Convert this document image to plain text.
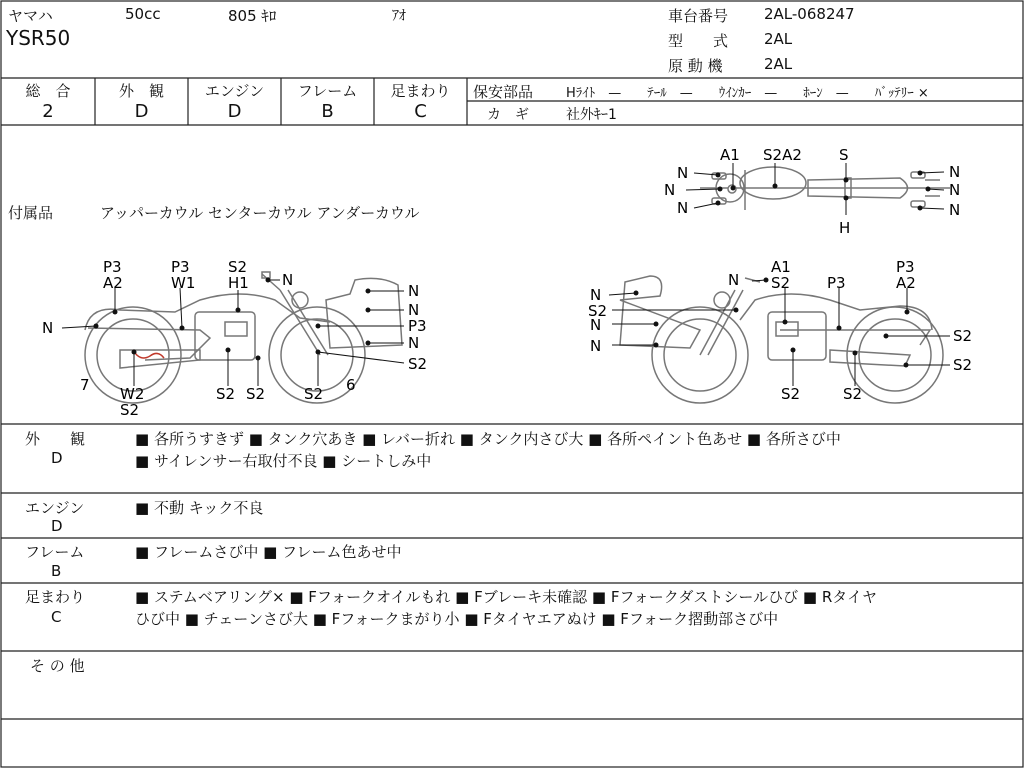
ヤマハ	50cc	805 ｷﾛ	ｱｵ
YSR50
車台番号 2AL-068247
型　　式 2AL
原 動 機	2AL
総　合
2
外　観
D
エンジン
D
フレーム
B
足まわり
C
保安部品	Hﾗｲﾄ　—　　ﾃｰﾙ　—　　ｳｲﾝｶｰ　—　　ﾎｰﾝ　—　　ﾊﾞｯﾃﾘｰ ×
カ　ギ	社外ｷｰ1
付属品	アッパーカウル センターカウル アンダーカウル
A1 S2A2 S
H
N
N
N
N
N
N
P3
A2
P3
W1
S2
H1 N
N
N
P3
N
S2
N
7 W2
S2
S2 S2	S2 6
N
N
A1
S2 P3
P3
A2
S2
N
N
S2
S2
S2	S2
外　　観
D
■ 各所うすきず ■ タンク穴あき ■ レバー折れ ■ タンク内さび大 ■ 各所ペイント色あせ ■ 各所さび中
■ サイレンサー右取付不良 ■ シートしみ中
エンジン
D
■ 不動 キック不良
フレーム
B
■ フレームさび中 ■ フレーム色あせ中
足まわり
C
■ ステムベアリング× ■ Fフォークオイルもれ ■ Fブレーキ未確認 ■ Fフォークダストシールひび ■ Rタイヤ
ひび中 ■ チェーンさび大 ■ Fフォークまがり小 ■ Fタイヤエアぬけ ■ Fフォーク摺動部さび中
そ の 他
